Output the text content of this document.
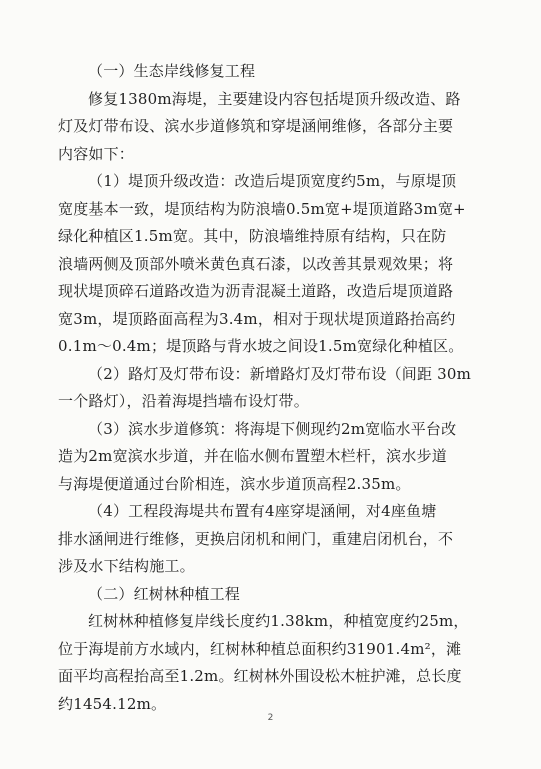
（一）生态岸线修复工程
修复1380m海堤，主要建设内容包括堤顶升级改造、路
灯及灯带布设、滨水步道修筑和穿堤涵闸维修，各部分主要
内容如下：
（1）堤顶升级改造：改造后堤顶宽度约5m，与原堤顶
宽度基本一致，堤顶结构为防浪墙0.5m宽+堤顶道路3m宽+
绿化种植区1.5m宽。其中，防浪墙维持原有结构，只在防
浪墙两侧及顶部外喷米黄色真石漆，以改善其景观效果；将
现状堤顶碎石道路改造为沥青混凝土道路，改造后堤顶道路
宽3m，堤顶路面高程为3.4m，相对于现状堤顶道路抬高约
0.1m～0.4m；堤顶路与背水坡之间设1.5m宽绿化种植区。
（2）路灯及灯带布设：新增路灯及灯带布设（间距 30m
一个路灯），沿着海堤挡墙布设灯带。
（3）滨水步道修筑：将海堤下侧现约2m宽临水平台改
造为2m宽滨水步道，并在临水侧布置塑木栏杆，滨水步道
与海堤便道通过台阶相连，滨水步道顶高程2.35m。
（4）工程段海堤共布置有4座穿堤涵闸，对4座鱼塘
排水涵闸进行维修，更换启闭机和闸门，重建启闭机台，不
涉及水下结构施工。
（二）红树林种植工程
红树林种植修复岸线长度约1.38km，种植宽度约25m，
位于海堤前方水域内，红树林种植总面积约31901.4m²，滩
面平均高程抬高至1.2m。红树林外围设松木桩护滩，总长度
约1454.12m。
2
